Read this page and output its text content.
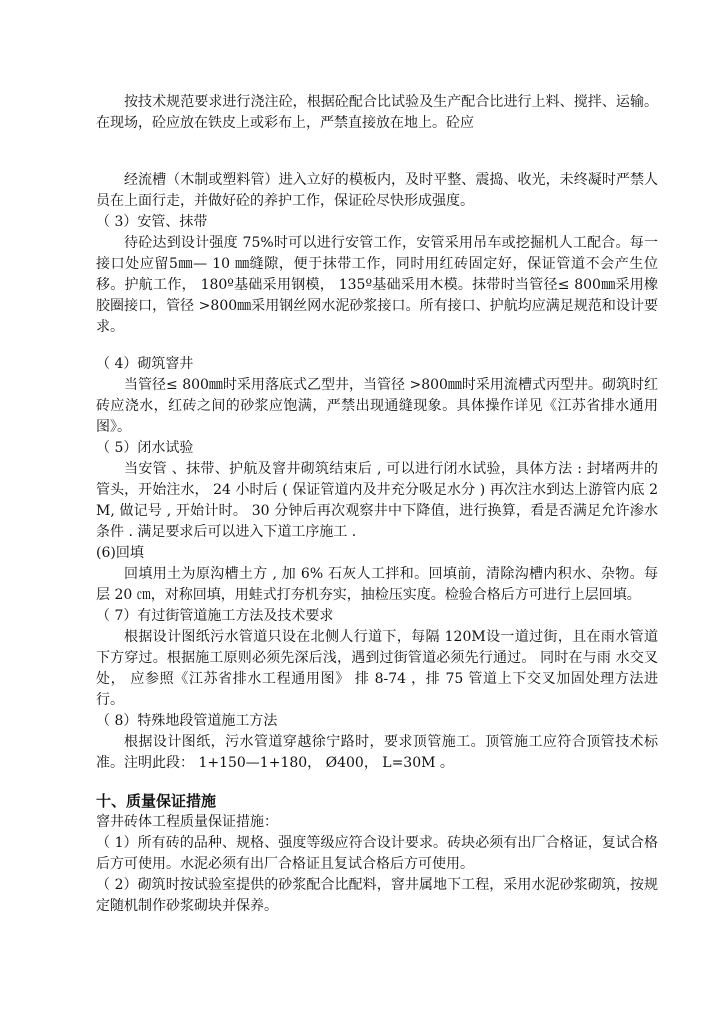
按技术规范要求进行浇注砼，根据砼配合比试验及生产配合比进行上料、搅拌、运输。在现场，砼应放在铁皮上或彩布上，严禁直接放在地上。砼应

经流槽（木制或塑料管）进入立好的模板内，及时平整、震捣、收光，未终凝时严禁人员在上面行走，并做好砼的养护工作，保证砼尽快形成强度。

（ 3）安管、抹带

待砼达到设计强度 75%时可以进行安管工作，安管采用吊车或挖掘机人工配合。每一接口处应留5㎜— 10 ㎜缝隙，便于抹带工作，同时用红砖固定好，保证管道不会产生位移。护航工作， 180º基础采用钢模， 135º基础采用木模。抹带时当管径≤ 800㎜采用橡胶圈接口，管径 >800㎜采用钢丝网水泥砂浆接口。所有接口、护航均应满足规范和设计要求。

（ 4）砌筑窨井

当管径≤ 800㎜时采用落底式乙型井，当管径 >800㎜时采用流槽式丙型井。砌筑时红砖应浇水，红砖之间的砂浆应饱满，严禁出现通缝现象。具体操作详见《江苏省排水通用图》。

（ 5）闭水试验

当安管 、抹带、护航及窨井砌筑结束后 , 可以进行闭水试验，具体方法 : 封堵两井的管头，开始注水， 24 小时后 ( 保证管道内及井充分吸足水分 ) 再次注水到达上游管内底 2M, 做记号 , 开始计时。 30 分钟后再次观察井中下降值，进行换算，看是否满足允许渗水条件 . 满足要求后可以进入下道工序施工 .

(6)回填

回填用土为原沟槽土方 , 加 6% 石灰人工拌和。回填前，清除沟槽内积水、杂物。每层 20 ㎝，对称回填，用蛙式打夯机夯实，抽检压实度。检验合格后方可进行上层回填。

（ 7）有过街管道施工方法及技术要求

根据设计图纸污水管道只设在北侧人行道下，每隔 120M设一道过街，且在雨水管道下方穿过。根据施工原则必须先深后浅，遇到过街管道必须先行通过。 同时在与雨 水交叉处， 应参照《江苏省排水工程通用图》 排 8-74 ，排 75 管道上下交叉加固处理方法进行。

（ 8）特殊地段管道施工方法

根据设计图纸，污水管道穿越徐宁路时，要求顶管施工。顶管施工应符合顶管技术标准。注明此段： 1+150—1+180， Ø400， L=30M 。

十、质量保证措施

窨井砖体工程质量保证措施：

（ 1）所有砖的品种、规格、强度等级应符合设计要求。砖块必须有出厂合格证，复试合格后方可使用。水泥必须有出厂合格证且复试合格后方可使用。

（ 2）砌筑时按试验室提供的砂浆配合比配料，窨井属地下工程，采用水泥砂浆砌筑，按规定随机制作砂浆砌块并保养。
